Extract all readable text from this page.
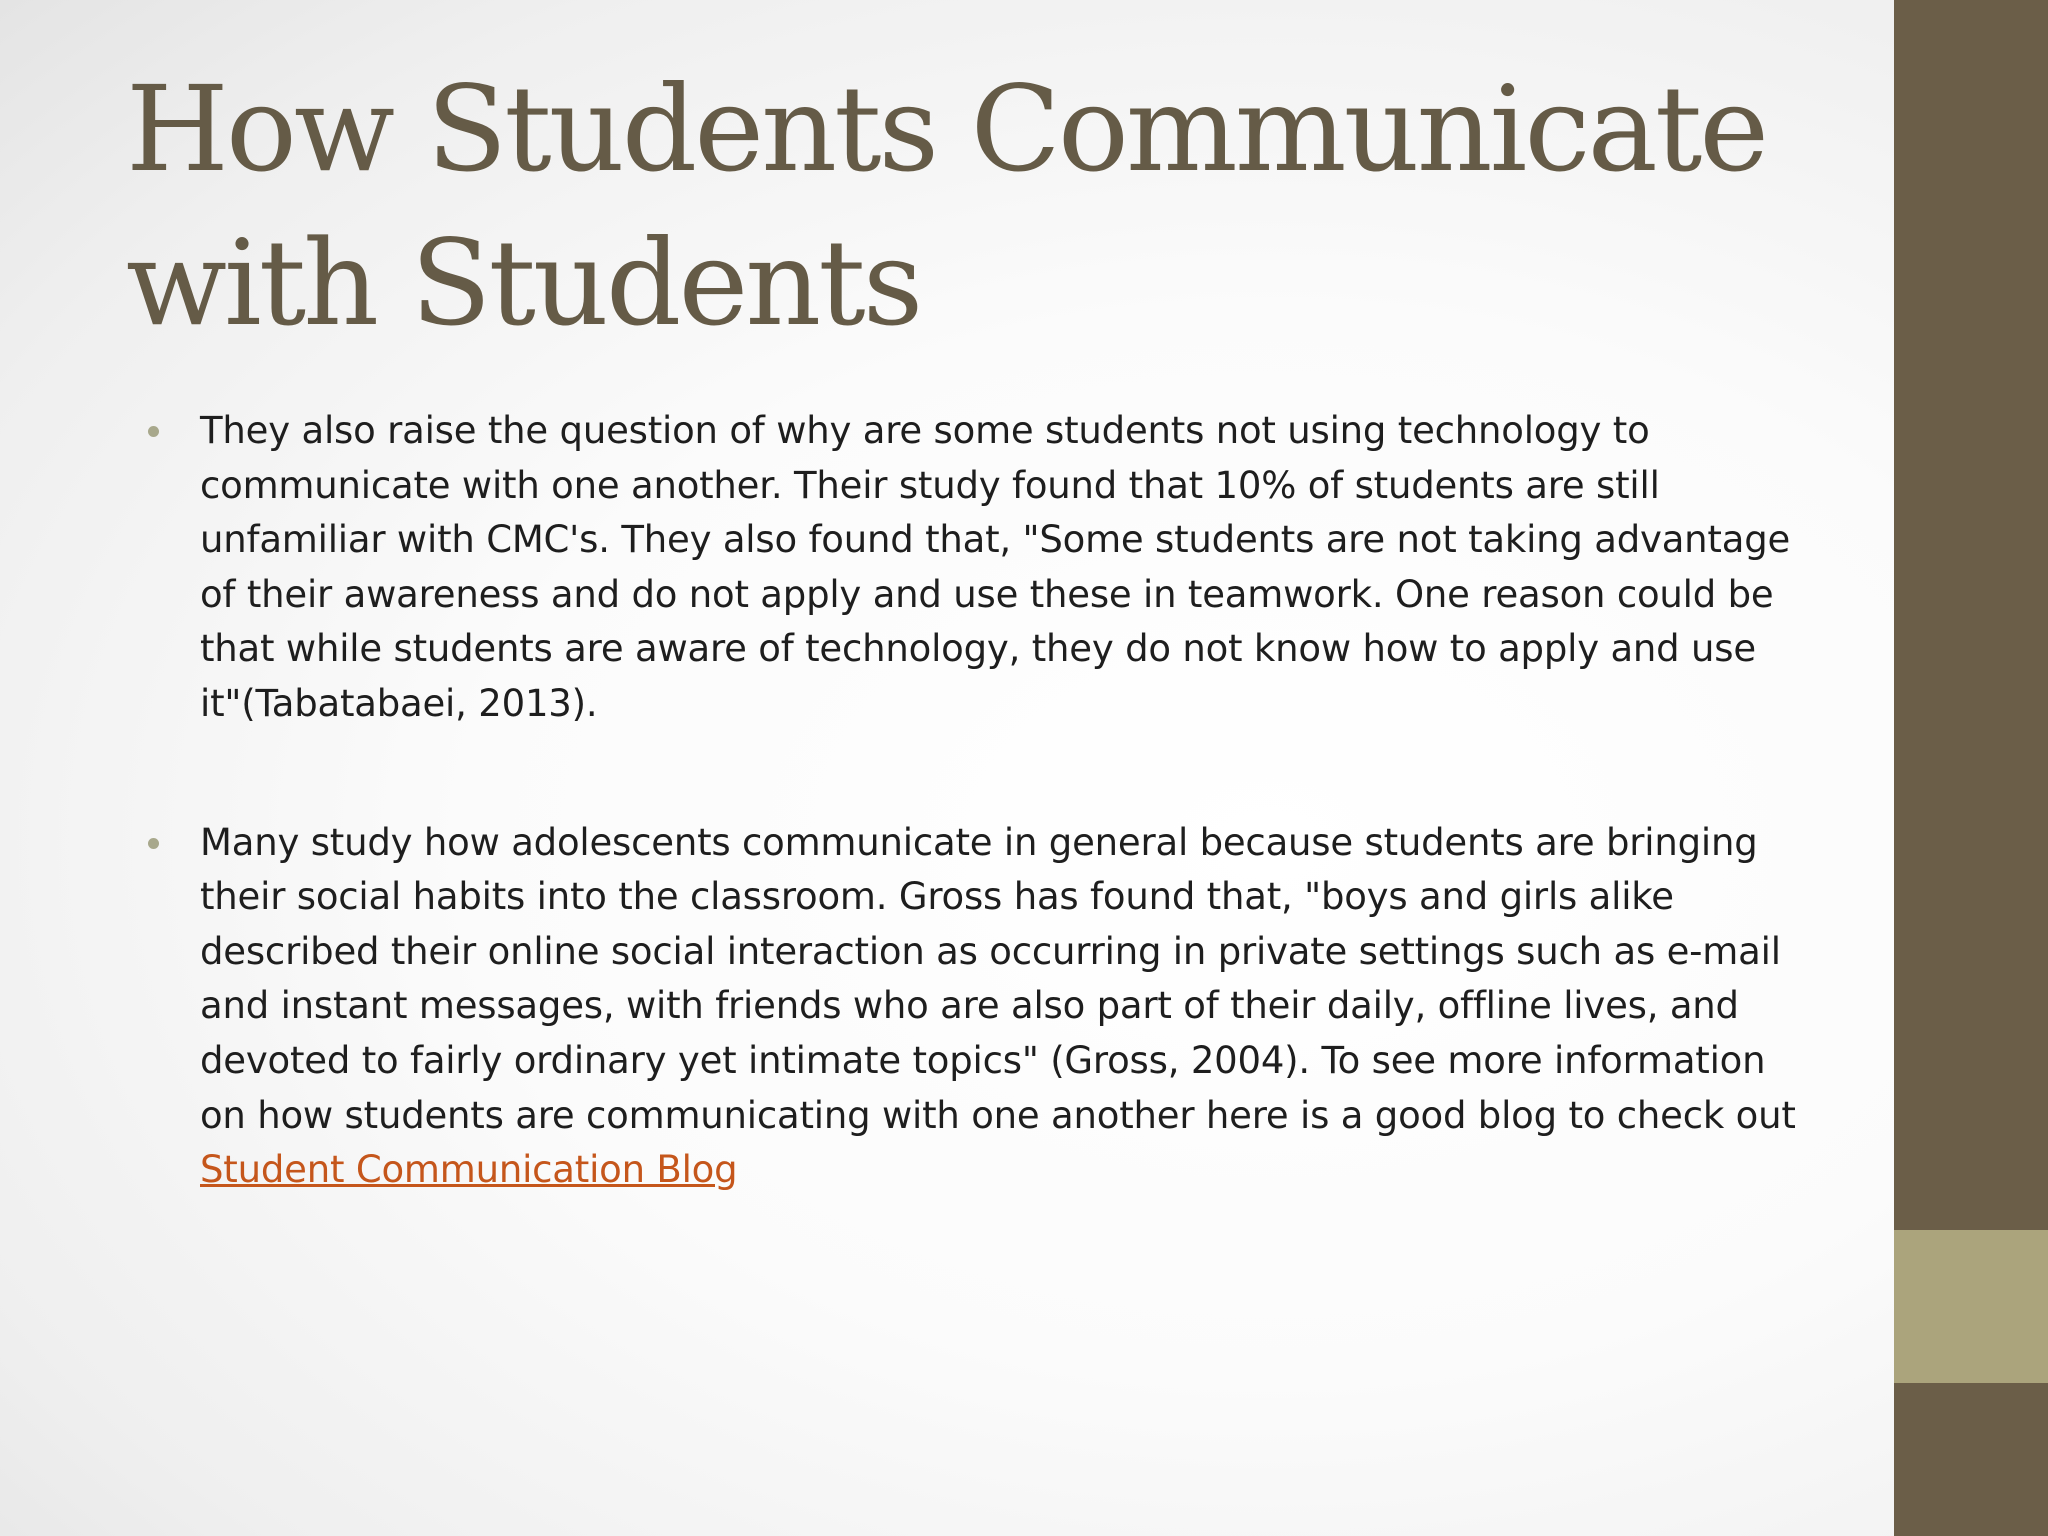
How Students Communicate with Students
They also raise the question of why are some students not using technology to communicate with one another. Their study found that 10% of students are still unfamiliar with CMC's. They also found that, "Some students are not taking advantage of their awareness and do not apply and use these in teamwork. One reason could be that while students are aware of technology, they do not know how to apply and use it"(Tabatabaei, 2013).
Many study how adolescents communicate in general because students are bringing their social habits into the classroom. Gross has found that, "boys and girls alike described their online social interaction as occurring in private settings such as e-mail and instant messages, with friends who are also part of their daily, offline lives, and devoted to fairly ordinary yet intimate topics" (Gross, 2004). To see more information on how students are communicating with one another here is a good blog to check out Student Communication Blog
